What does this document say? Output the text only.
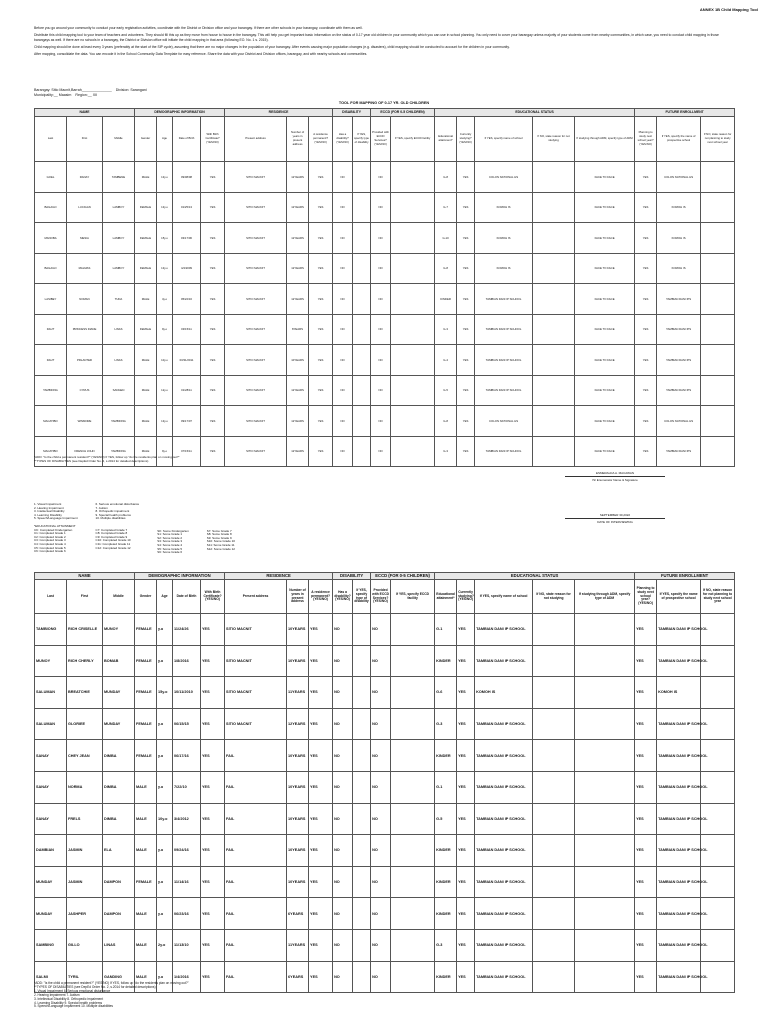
ANNEX 1B Child Mapping Tool

Before you go around your community to conduct your early registration activities, coordinate with the District or Division office and your barangay. If there are other schools in your barangay, coordinate with them as well.

Distribute this child mapping tool to your team of teachers and volunteers. They should fill this up as they move from house to house in the barangay. This will help you get important basic information on the status of 0-17 year old children in your community which you can use in school planning. You only need to cover your barangay unless majority of your students come from nearby communities, in which case, you need to conduct child mapping in those barangays as well. If there are no schools in a barangay, the District or Division office will initiate the child mapping in that area (following EO. No. 1 s. 2015).

Child mapping should be done at least every 3 years (preferably at the start of the SIP cycle), assuming that there are no major changes in the population of your barangay. After events causing major population changes (e.g. disasters), child mapping should be conducted to account for the children in your community.

After mapping, consolidate the data. You can encode it in the School Community Data Template for easy reference. Share the data with your District and Division offices, barangay, and with nearby schools and communities.

Barangay: Sitio Macnit,Barrah_______________ Division: Sarangani
Municipality:__ Maasim Region:__ XII
TOOL FOR MAPPING OF 0-17 YR. OLD CHILDREN
NAME			DEMOGRAPHIC INFORMATION				RESIDENCE			DISABILITY		ECCD (FOR 0-5 CHILDREN)		EDUCATIONAL STATUS					FUTURE ENROLLMENT		
Last	First	Middle	Gender	Age	Date of Birth	With Birth Certificate? (YES/NO)	Present address	Number of years in present address	A residence permanent? (YES/NO)	Has a disability? (YES/NO)	If YES, specify type of disability	Provided with ECCD Services? (YES/NO)	If YES, specify ECCD facility	Educational attainment*	Currently studying? (YES/NO)	If YES, specify name of school	If NO, state reason for not studying	If studying through ADM, specify type of ADM	Planning to study next school year? (YES/NO)	If YES, specify the name of prospective school	If NO, state reason for not planning to study next school year
GOEL	RANAY	TAMBENE	MALE	13y.o	09/08/08	YES	SITIO MACNIT	12YEARS	YES	NO		NO		G-8	YES	COLON NATIONAL HS		FACE TO FACE	YES	COLON NATIONAL HS	
BAGAGO	LUCIGAN	LAMBOY	FEMALE	13y.o	01/25/13	YES	SITIO MACNIT	12YEARS	YES	NO		NO		G-7	YES	KOMOH IS		FACE TO FACE	YES	KOMOH IS	
MANOBA	MESIA	LAMBOY	FEMALE	15y.o	03/17/06	YES	SITIO MACNIT	12YEARS	YES	NO		NO		G-10	YES	KOMOH IS		FACE TO FACE	YES	KOMOH IS	
BAGAGO	MALMAS	LAMBOY	FEMALE	13y.o	4/4/2009	YES	SITIO MACNIT	12YEARS	YES	NO		NO		G-8	YES	KOMOH IS		FACE TO FACE	YES	KOMOH IS	
LASIBEY	NOMAN	TUDA	MALE	4y.o	05/22/16	YES	SITIO MACNIT	12YEARS	YES	NO		NO		KINDER	YES	TAMBIAN DANI IP SCHOOL		FACE TO FACE	YES	TAMBIAN DANI IPS	
DAUT	PRINCESS DIANE	LINAS	FEMALE	9y.o	03/15/11	YES	SITIO MACNIT	8YEARS	YES	NO		NO		G-3	YES	TAMBIAN DANI IP SCHOOL		FACE TO FACE	YES	TAMBIAN DANI IPS	
DAUT	PRLANTER	LINAS	MALE	10y.o	03/31/2011	YES	SITIO MACNIT	10YEARS	YES	NO		NO		G-4	YES	TAMBIAN DANI IP SCHOOL		FACE TO FACE	YES	TAMBIAN DANI IPS	
TAMBIONG	CYRUS	SANGEN	MALE	12y.o	01/28/11	YES	SITIO MACNIT	12YEARS	YES	NO		NO		G-5	YES	TAMBIAN DANI IP SCHOOL		FACE TO FACE	YES	TAMBIAN DANI IPS	
MACATIBO	WINMORE	TAMBIONG	MALE	13y.o	09/17/07	YES	SITIO MACNIT	12YEARS	YES	NO		NO		G-8	YES	COLON NATIONAL HS		FACE TO FACE	YES	COLON NATIONAL HS	
MACATIBO	FRENCH JOHN	TAMBIONG	MALE	9y.o	07/15/11	YES	SITIO MACNIT	12YEARS	YES	NO		NO		G-3	YES	TAMBIAN DANI IP SCHOOL		FACE TO FACE	YES	TAMBIAN DANI IPS	
*ADD: "Is the child a permanent resident?" (YES/NO) If YES, follow up "do the residents plan on moving out?"
**TYPES OF DISABILITIES (see DepEd Order No. 2, s.2014 for detailed descriptions)
1. Visual Impairment
2. Hearing Impairment
3. Intellectual Disability
4. Learning Disability
5. Speech/Language Impairment
*EDUCATIONAL ATTAINMENT
CK: Completed Kindergarten
C1: Completed Grade 1
C2: Completed Grade 2
C3: Completed Grade 3
C4: Completed Grade 4
C5: Completed Grade 5
C6: Completed Grade 6
6. Serious emotional disturbance
7. Autism
8. Orthopedic impairment
9. Special health problems
10. Multiple disabilities
C7: Completed Grade 7
C8: Completed Grade 8
C9: Completed Grade 9
C10: Completed Grade 10
C11: Completed Grade 11
C12: Completed Grade 12
SK: Some Kindergarten
S1: Some Grade 1
S2: Some Grade 2
S3: Some Grade 3
S4: Some Grade 4
S5: Some Grade 5
S6: Some Grade 6
S7: Some Grade 7
S8: Some Grade 8
S9: Some Grade 9
S10: Some Grade 10
S11: Some Grade 11
S12: Some Grade 12
ESMERALDA A. MACAWAN
IS/ Enumerator Name & Signature
SEPTEMBER 30,2022
DATE OF INTERVIEWING
NAME			DEMOGRAPHIC INFORMATION				RESIDENCE			DISABILITY		ECCD (FOR 0-5 CHILDREN)		EDUCATIONAL STATUS					FUTURE ENROLLMENT		
Last	First	Middle	Gender	Age	Date of Birth	With Birth Certificate? (YES/NO)	Present address	Number of years in present address	A residence permanent? (YES/NO)	Has a disability? (YES/NO)	If YES, specify type of disability	Provided with ECCD Services? (YES/NO)	If YES, specify ECCD facility	Educational attainment*	Currently studying? (YES/NO)	If YES, specify name of school	If NO, state reason for not studying	If studying through ADM, specify type of ADM	Planning to study next school year? (YES/NO)	If YES, specify the name of prospective school	If NO, state reason for not planning to study next school year
TAMBIONG	RICH CRISELLE	MUNOY	FEMALE	y.o	11/24/26	YES	SITIO MACNIT	10YEARS	YES	NO		NO		G-1	YES	TAMBIAN DANI IP SCHOOL			YES	TAMBIAN DANI IP SCHOOL	
MUNOY	RICH CHERLY	BOMAB	FEMALE	y.o	1/8/2016	YES	SITIO MACNIT	10YEARS	YES	NO		NO		KINDER	YES	TAMBIAN DANI IP SCHOOL			YES	TAMBIAN DANI IP SCHOOL	
SALUMAN	BREATCHIE	MUNDAY	FEMALE	15y.o	10/11/2010	YES	SITIO MACNIT	11YEARS	YES	NO		NO		G-6	YES	KOMOH IS			YES	KOMOH IS	
SALUMAN	GLORIEE	MUNDAY	FEMALE	y.o	06/15/15	YES	SITIO MACNIT	12YEARS	YES	NO		NO		G-3	YES	TAMBIAN DANI IP SCHOOL			YES	TAMBIAN DANI IP SCHOOL	
SANAY	CHEY JEAN	DIMBA	FEMALE	y.o	06/17/16	YES	FAIL	10YEARS	YES	NO		NO		KINDER	YES	TAMBIAN DANI IP SCHOOL			YES	TAMBIAN DANI IP SCHOOL	
SANAY	NORMA	DIMBA	MALE	y.o	7/22/10	YES	FAIL	10YEARS	YES	NO		NO		G-1	YES	TAMBIAN DANI IP SCHOOL			YES	TAMBIAN DANI IP SCHOOL	
SANAY	FRELS	DIMBA	MALE	10y.o	3/4/2012	YES	FAIL	10YEARS	YES	NO		NO		G-5	YES	TAMBIAN DANI IP SCHOOL			YES	TAMBIAN DANI IP SCHOOL	
DAMBIAN	JASMIN	ELA	MALE	y.o	09/24/16	YES	FAIL	10YEARS	YES	NO		NO		KINDER	YES	TAMBIAN DANI IP SCHOOL			YES	TAMBIAN DANI IP SCHOOL	
MUNDAY	JASMIN	DAMPON	FEMALE	y.o	11/14/16	YES	FAIL	10YEARS	YES	NO		NO		KINDER	YES	TAMBIAN DANI IP SCHOOL			YES	TAMBIAN DANI IP SCHOOL	
MUNDAY	JASHPER	DAMPON	MALE	y.o	06/23/16	YES	FAIL	6YEARS	YES	NO		NO		KINDER	YES	TAMBIAN DANI IP SCHOOL			YES	TAMBIAN DANI IP SCHOOL	
SAMBING	GILLO	LINAS	MALE	2y.o	11/13/10	YES	FAIL	11YEARS	YES	NO		NO		G-3	YES	TAMBIAN DANI IP SCHOOL			YES	TAMBIAN DANI IP SCHOOL	
SALMI	TYRIL	GANDING	MALE	y.o	1/4/2016	YES	FAIL	6YEARS	YES	NO		NO		KINDER	YES	TAMBIAN DANI IP SCHOOL			YES	TAMBIAN DANI IP SCHOOL	
*ADD: "Is the child a permanent resident?" (YES/NO) If YES, follow up "do the residents plan on moving out?"
**TYPES OF DISABILITIES (see DepEd Order No. 2, s.2014 for detailed descriptions)
1. Visual Impairment 6. Serious emotional disturbance
2. Hearing Impairment 7. Autism
3. Intellectual Disability 8. Orthopedic impairment
4. Learning Disability 9. Special health problems
5. Speech/Language Impairment 10. Multiple disabilities
